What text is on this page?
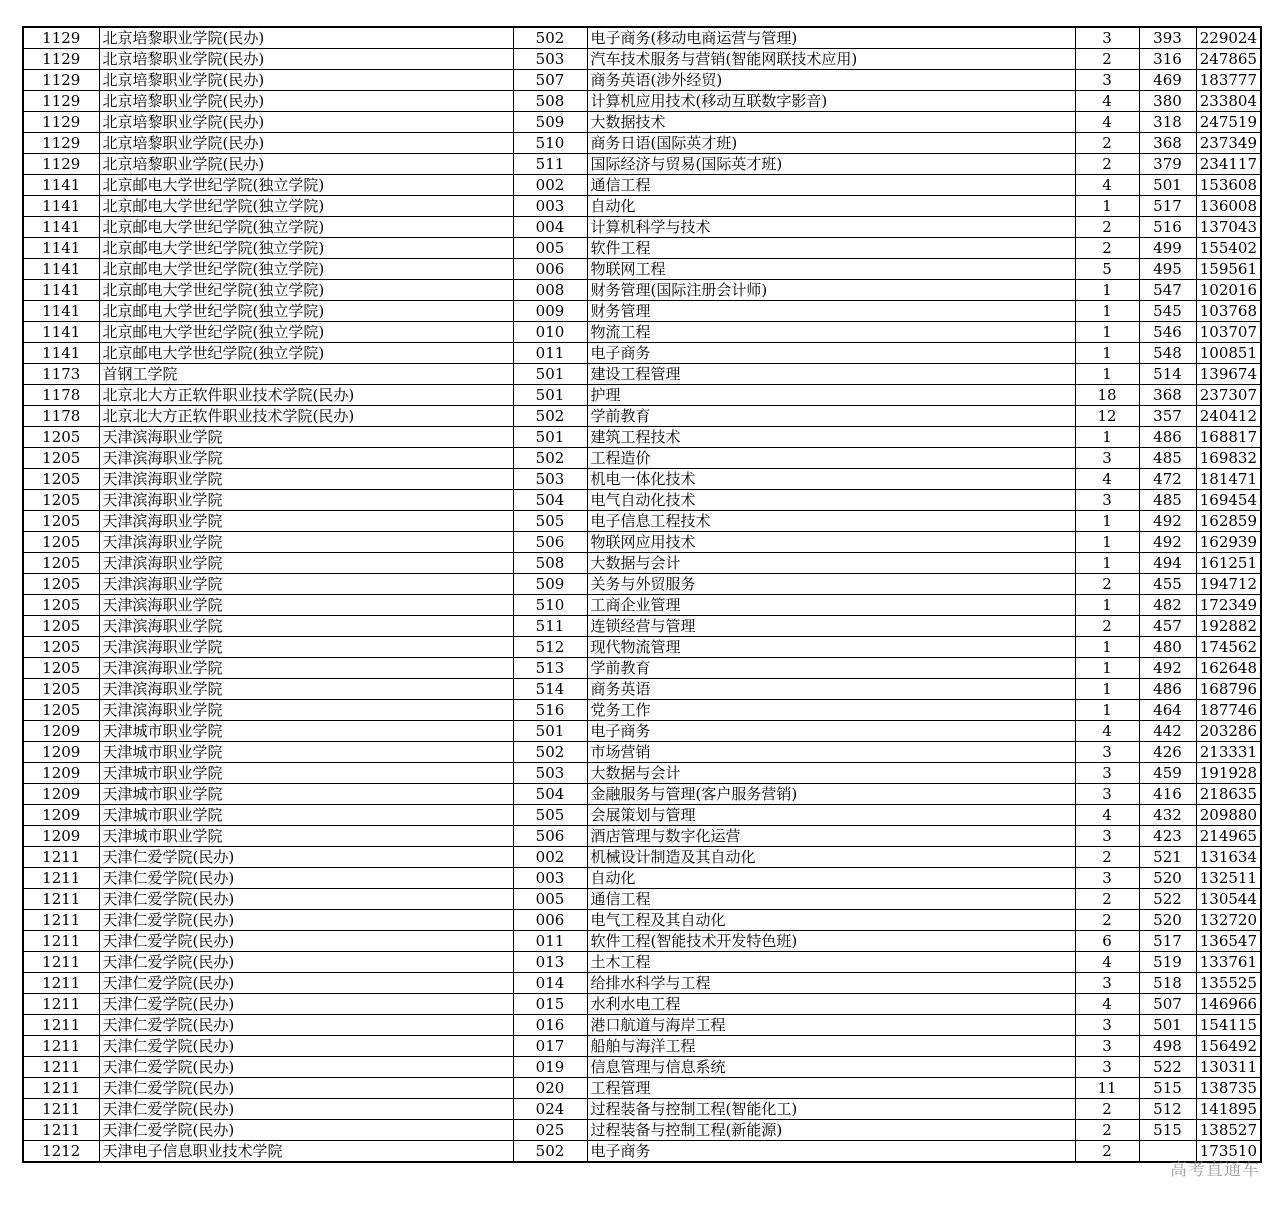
1129	北京培黎职业学院(民办)	502	电子商务(移动电商运营与管理)	3	393	229024
1129	北京培黎职业学院(民办)	503	汽车技术服务与营销(智能网联技术应用)	2	316	247865
1129	北京培黎职业学院(民办)	507	商务英语(涉外经贸)	3	469	183777
1129	北京培黎职业学院(民办)	508	计算机应用技术(移动互联数字影音)	4	380	233804
1129	北京培黎职业学院(民办)	509	大数据技术	4	318	247519
1129	北京培黎职业学院(民办)	510	商务日语(国际英才班)	2	368	237349
1129	北京培黎职业学院(民办)	511	国际经济与贸易(国际英才班)	2	379	234117
1141	北京邮电大学世纪学院(独立学院)	002	通信工程	4	501	153608
1141	北京邮电大学世纪学院(独立学院)	003	自动化	1	517	136008
1141	北京邮电大学世纪学院(独立学院)	004	计算机科学与技术	2	516	137043
1141	北京邮电大学世纪学院(独立学院)	005	软件工程	2	499	155402
1141	北京邮电大学世纪学院(独立学院)	006	物联网工程	5	495	159561
1141	北京邮电大学世纪学院(独立学院)	008	财务管理(国际注册会计师)	1	547	102016
1141	北京邮电大学世纪学院(独立学院)	009	财务管理	1	545	103768
1141	北京邮电大学世纪学院(独立学院)	010	物流工程	1	546	103707
1141	北京邮电大学世纪学院(独立学院)	011	电子商务	1	548	100851
1173	首钢工学院	501	建设工程管理	1	514	139674
1178	北京北大方正软件职业技术学院(民办)	501	护理	18	368	237307
1178	北京北大方正软件职业技术学院(民办)	502	学前教育	12	357	240412
1205	天津滨海职业学院	501	建筑工程技术	1	486	168817
1205	天津滨海职业学院	502	工程造价	3	485	169832
1205	天津滨海职业学院	503	机电一体化技术	4	472	181471
1205	天津滨海职业学院	504	电气自动化技术	3	485	169454
1205	天津滨海职业学院	505	电子信息工程技术	1	492	162859
1205	天津滨海职业学院	506	物联网应用技术	1	492	162939
1205	天津滨海职业学院	508	大数据与会计	1	494	161251
1205	天津滨海职业学院	509	关务与外贸服务	2	455	194712
1205	天津滨海职业学院	510	工商企业管理	1	482	172349
1205	天津滨海职业学院	511	连锁经营与管理	2	457	192882
1205	天津滨海职业学院	512	现代物流管理	1	480	174562
1205	天津滨海职业学院	513	学前教育	1	492	162648
1205	天津滨海职业学院	514	商务英语	1	486	168796
1205	天津滨海职业学院	516	党务工作	1	464	187746
1209	天津城市职业学院	501	电子商务	4	442	203286
1209	天津城市职业学院	502	市场营销	3	426	213331
1209	天津城市职业学院	503	大数据与会计	3	459	191928
1209	天津城市职业学院	504	金融服务与管理(客户服务营销)	3	416	218635
1209	天津城市职业学院	505	会展策划与管理	4	432	209880
1209	天津城市职业学院	506	酒店管理与数字化运营	3	423	214965
1211	天津仁爱学院(民办)	002	机械设计制造及其自动化	2	521	131634
1211	天津仁爱学院(民办)	003	自动化	3	520	132511
1211	天津仁爱学院(民办)	005	通信工程	2	522	130544
1211	天津仁爱学院(民办)	006	电气工程及其自动化	2	520	132720
1211	天津仁爱学院(民办)	011	软件工程(智能技术开发特色班)	6	517	136547
1211	天津仁爱学院(民办)	013	土木工程	4	519	133761
1211	天津仁爱学院(民办)	014	给排水科学与工程	3	518	135525
1211	天津仁爱学院(民办)	015	水利水电工程	4	507	146966
1211	天津仁爱学院(民办)	016	港口航道与海岸工程	3	501	154115
1211	天津仁爱学院(民办)	017	船舶与海洋工程	3	498	156492
1211	天津仁爱学院(民办)	019	信息管理与信息系统	3	522	130311
1211	天津仁爱学院(民办)	020	工程管理	11	515	138735
1211	天津仁爱学院(民办)	024	过程装备与控制工程(智能化工)	2	512	141895
1211	天津仁爱学院(民办)	025	过程装备与控制工程(新能源)	2	515	138527
1212	天津电子信息职业技术学院	502	电子商务	2		173510
高考直通车
